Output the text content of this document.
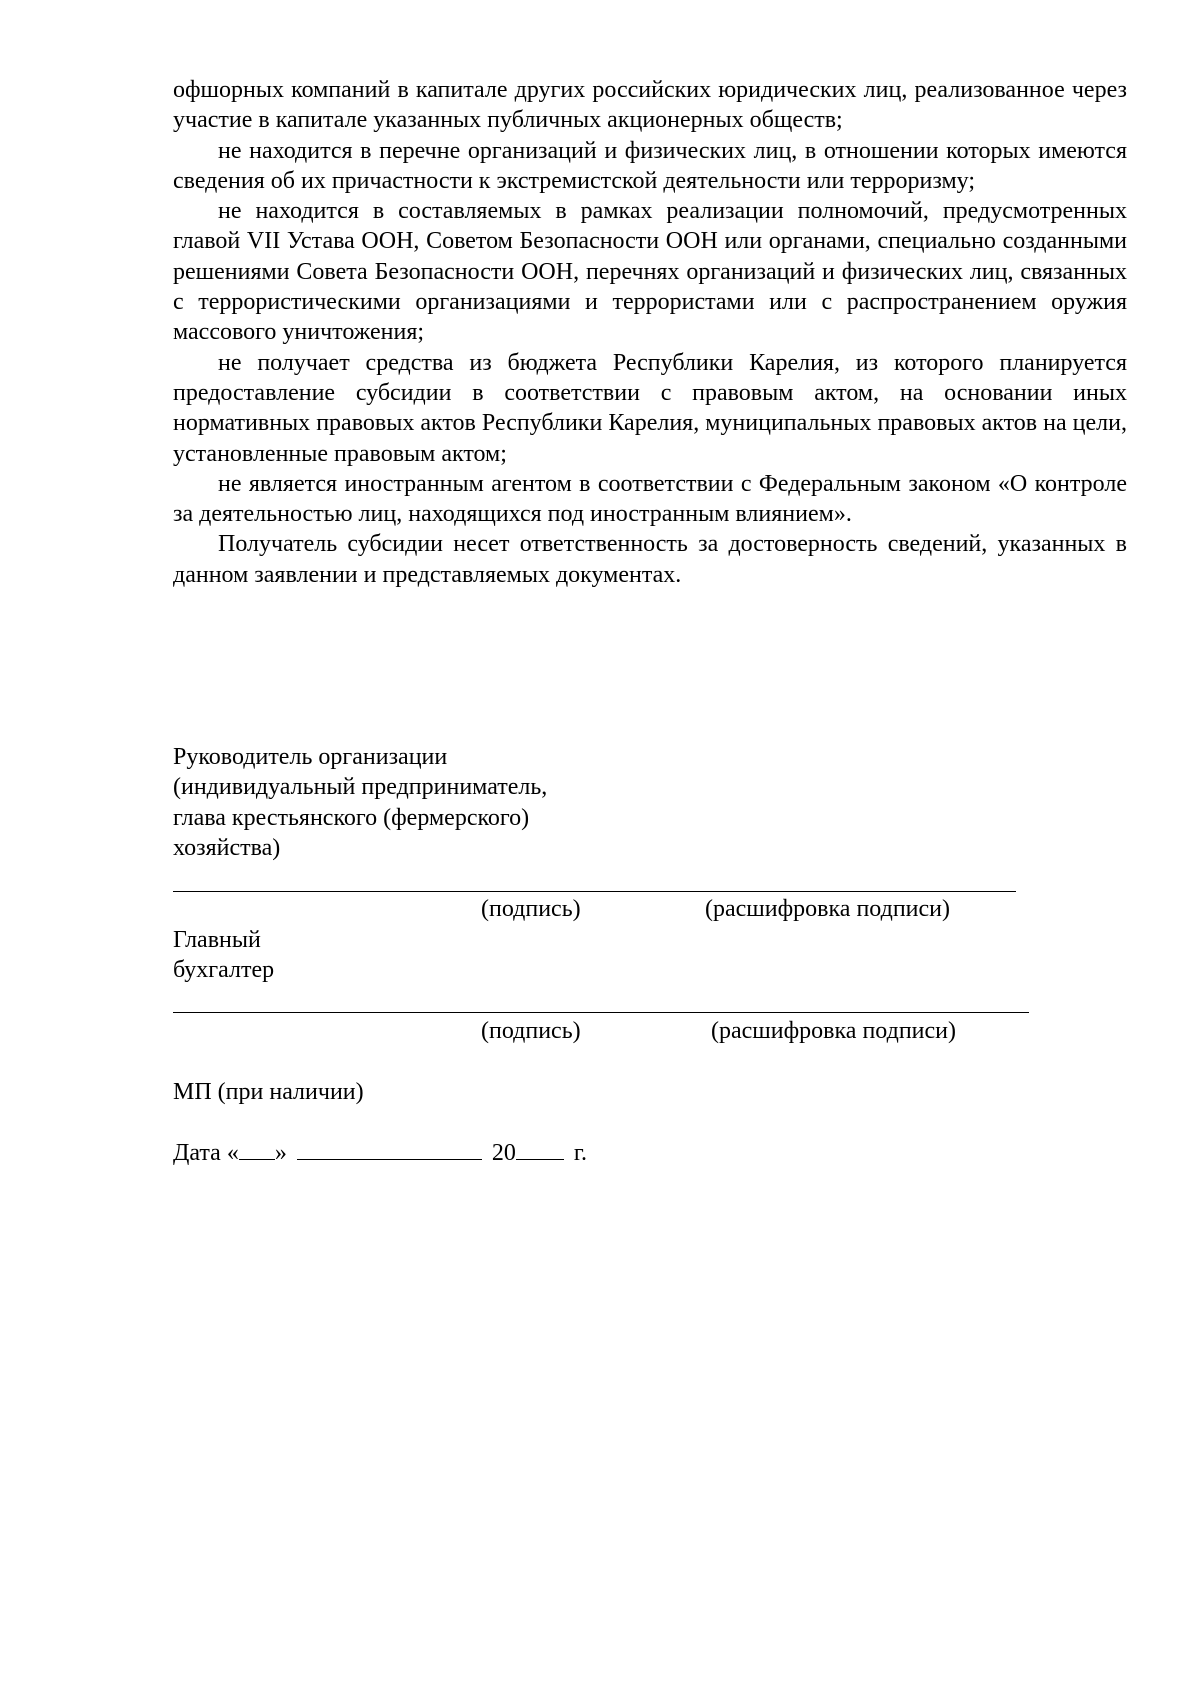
офшорных компаний в капитале других российских юридических лиц, реализованное через участие в капитале указанных публичных акционерных обществ;

не находится в перечне организаций и физических лиц, в отношении которых имеются сведения об их причастности к экстремистской деятельности или терроризму;

не находится в составляемых в рамках реализации полномочий, предусмотренных главой VII Устава ООН, Советом Безопасности ООН или органами, специально созданными решениями Совета Безопасности ООН, перечнях организаций и физических лиц, связанных с террористическими организациями и террористами или с распространением оружия массового уничтожения;

не получает средства из бюджета Республики Карелия, из которого планируется предоставление субсидии в соответствии с правовым актом, на основании иных нормативных правовых актов Республики Карелия, муниципальных правовых актов на цели, установленные правовым актом;

не является иностранным агентом в соответствии с Федеральным законом «О контроле за деятельностью лиц, находящихся под иностранным влиянием».

Получатель субсидии несет ответственность за достоверность сведений, указанных в данном заявлении и представляемых документах.

Руководитель организации
(индивидуальный предприниматель,
глава крестьянского (фермерского)
хозяйства)
(подпись)	(расшифровка подписи)
Главный
бухгалтер
(подпись)	(расшифровка подписи)
МП (при наличии)
Дата « »	20 г.
